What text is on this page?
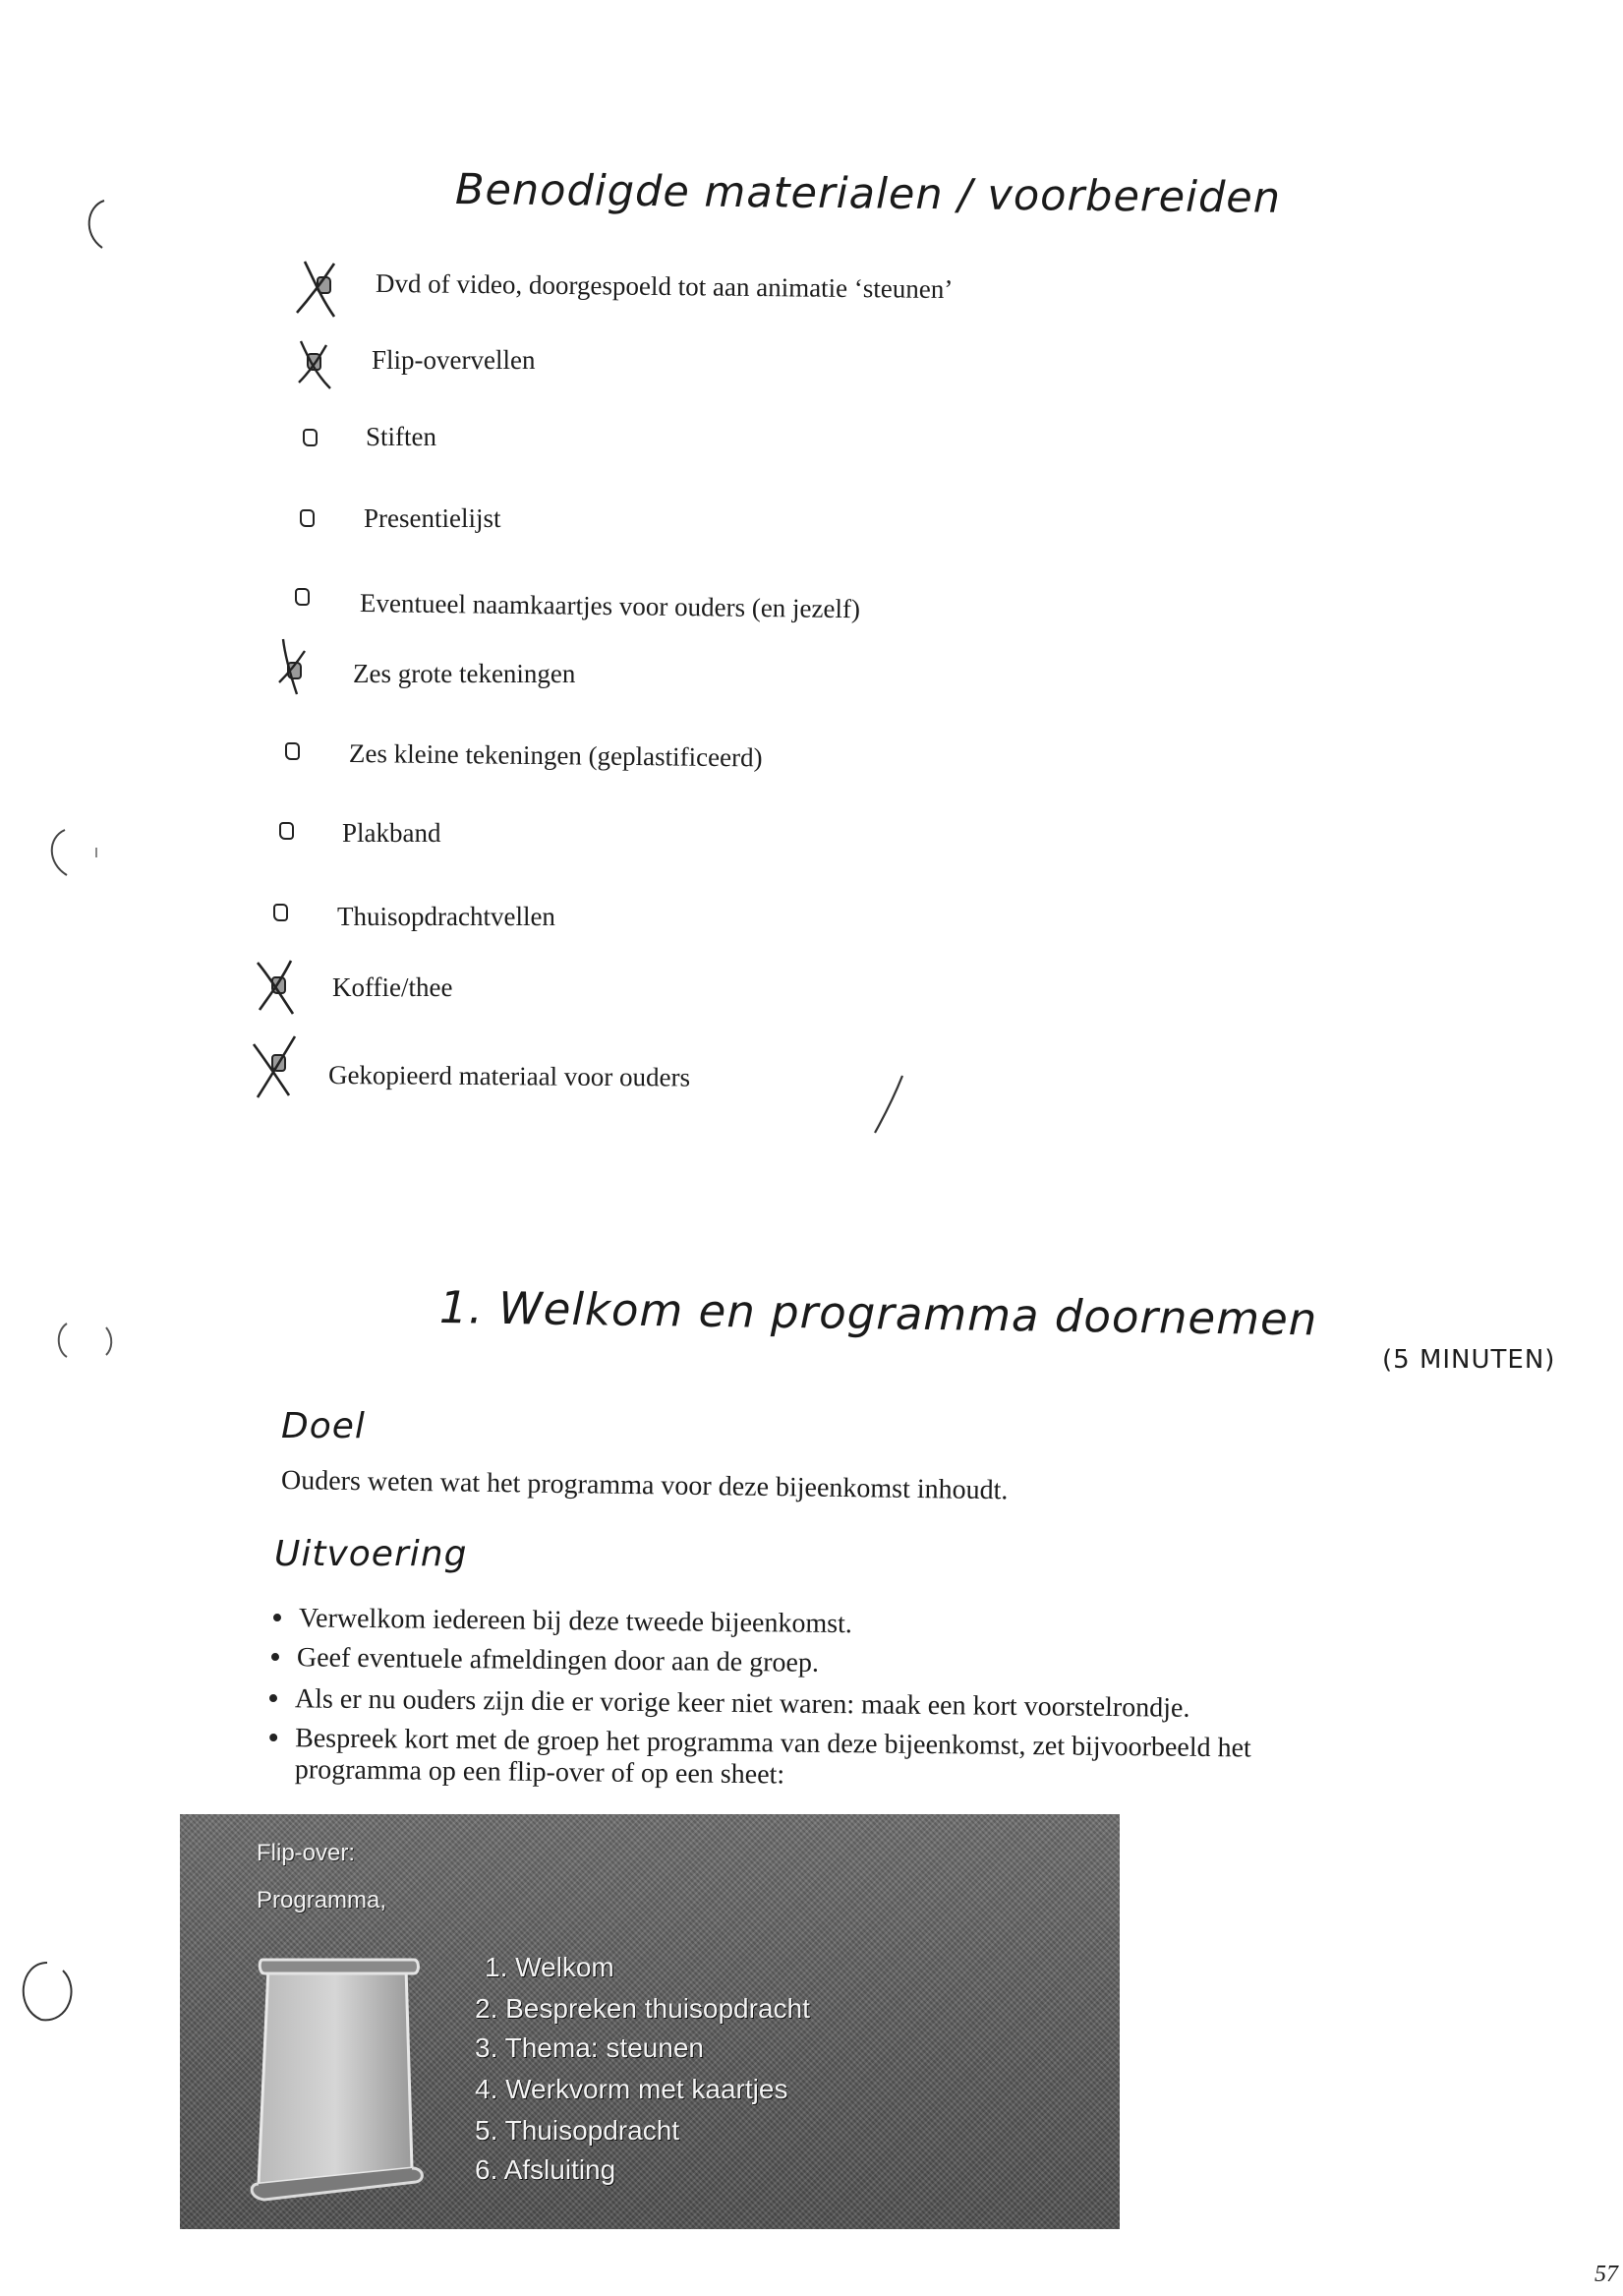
Benodigde materialen / voorbereiden
Dvd of video, doorgespoeld tot aan animatie ‘steunen’
Flip-overvellen
Stiften
Presentielijst
Eventueel naamkaartjes voor ouders (en jezelf)
Zes grote tekeningen
Zes kleine tekeningen (geplastificeerd)
Plakband
Thuisopdrachtvellen
Koffie/thee
Gekopieerd materiaal voor ouders
1. Welkom en programma doornemen
(5 MINUTEN)
Doel
Ouders weten wat het programma voor deze bijeenkomst inhoudt.
Uitvoering
Verwelkom iedereen bij deze tweede bijeenkomst.
Geef eventuele afmeldingen door aan de groep.
Als er nu ouders zijn die er vorige keer niet waren: maak een kort voorstelrondje.
Bespreek kort met de groep het programma van deze bijeenkomst, zet bijvoorbeeld het
programma op een flip-over of op een sheet:
Flip-over:
Programma,
1. Welkom
2. Bespreken thuisopdracht
3. Thema: steunen
4. Werkvorm met kaartjes
5. Thuisopdracht
6. Afsluiting
57
